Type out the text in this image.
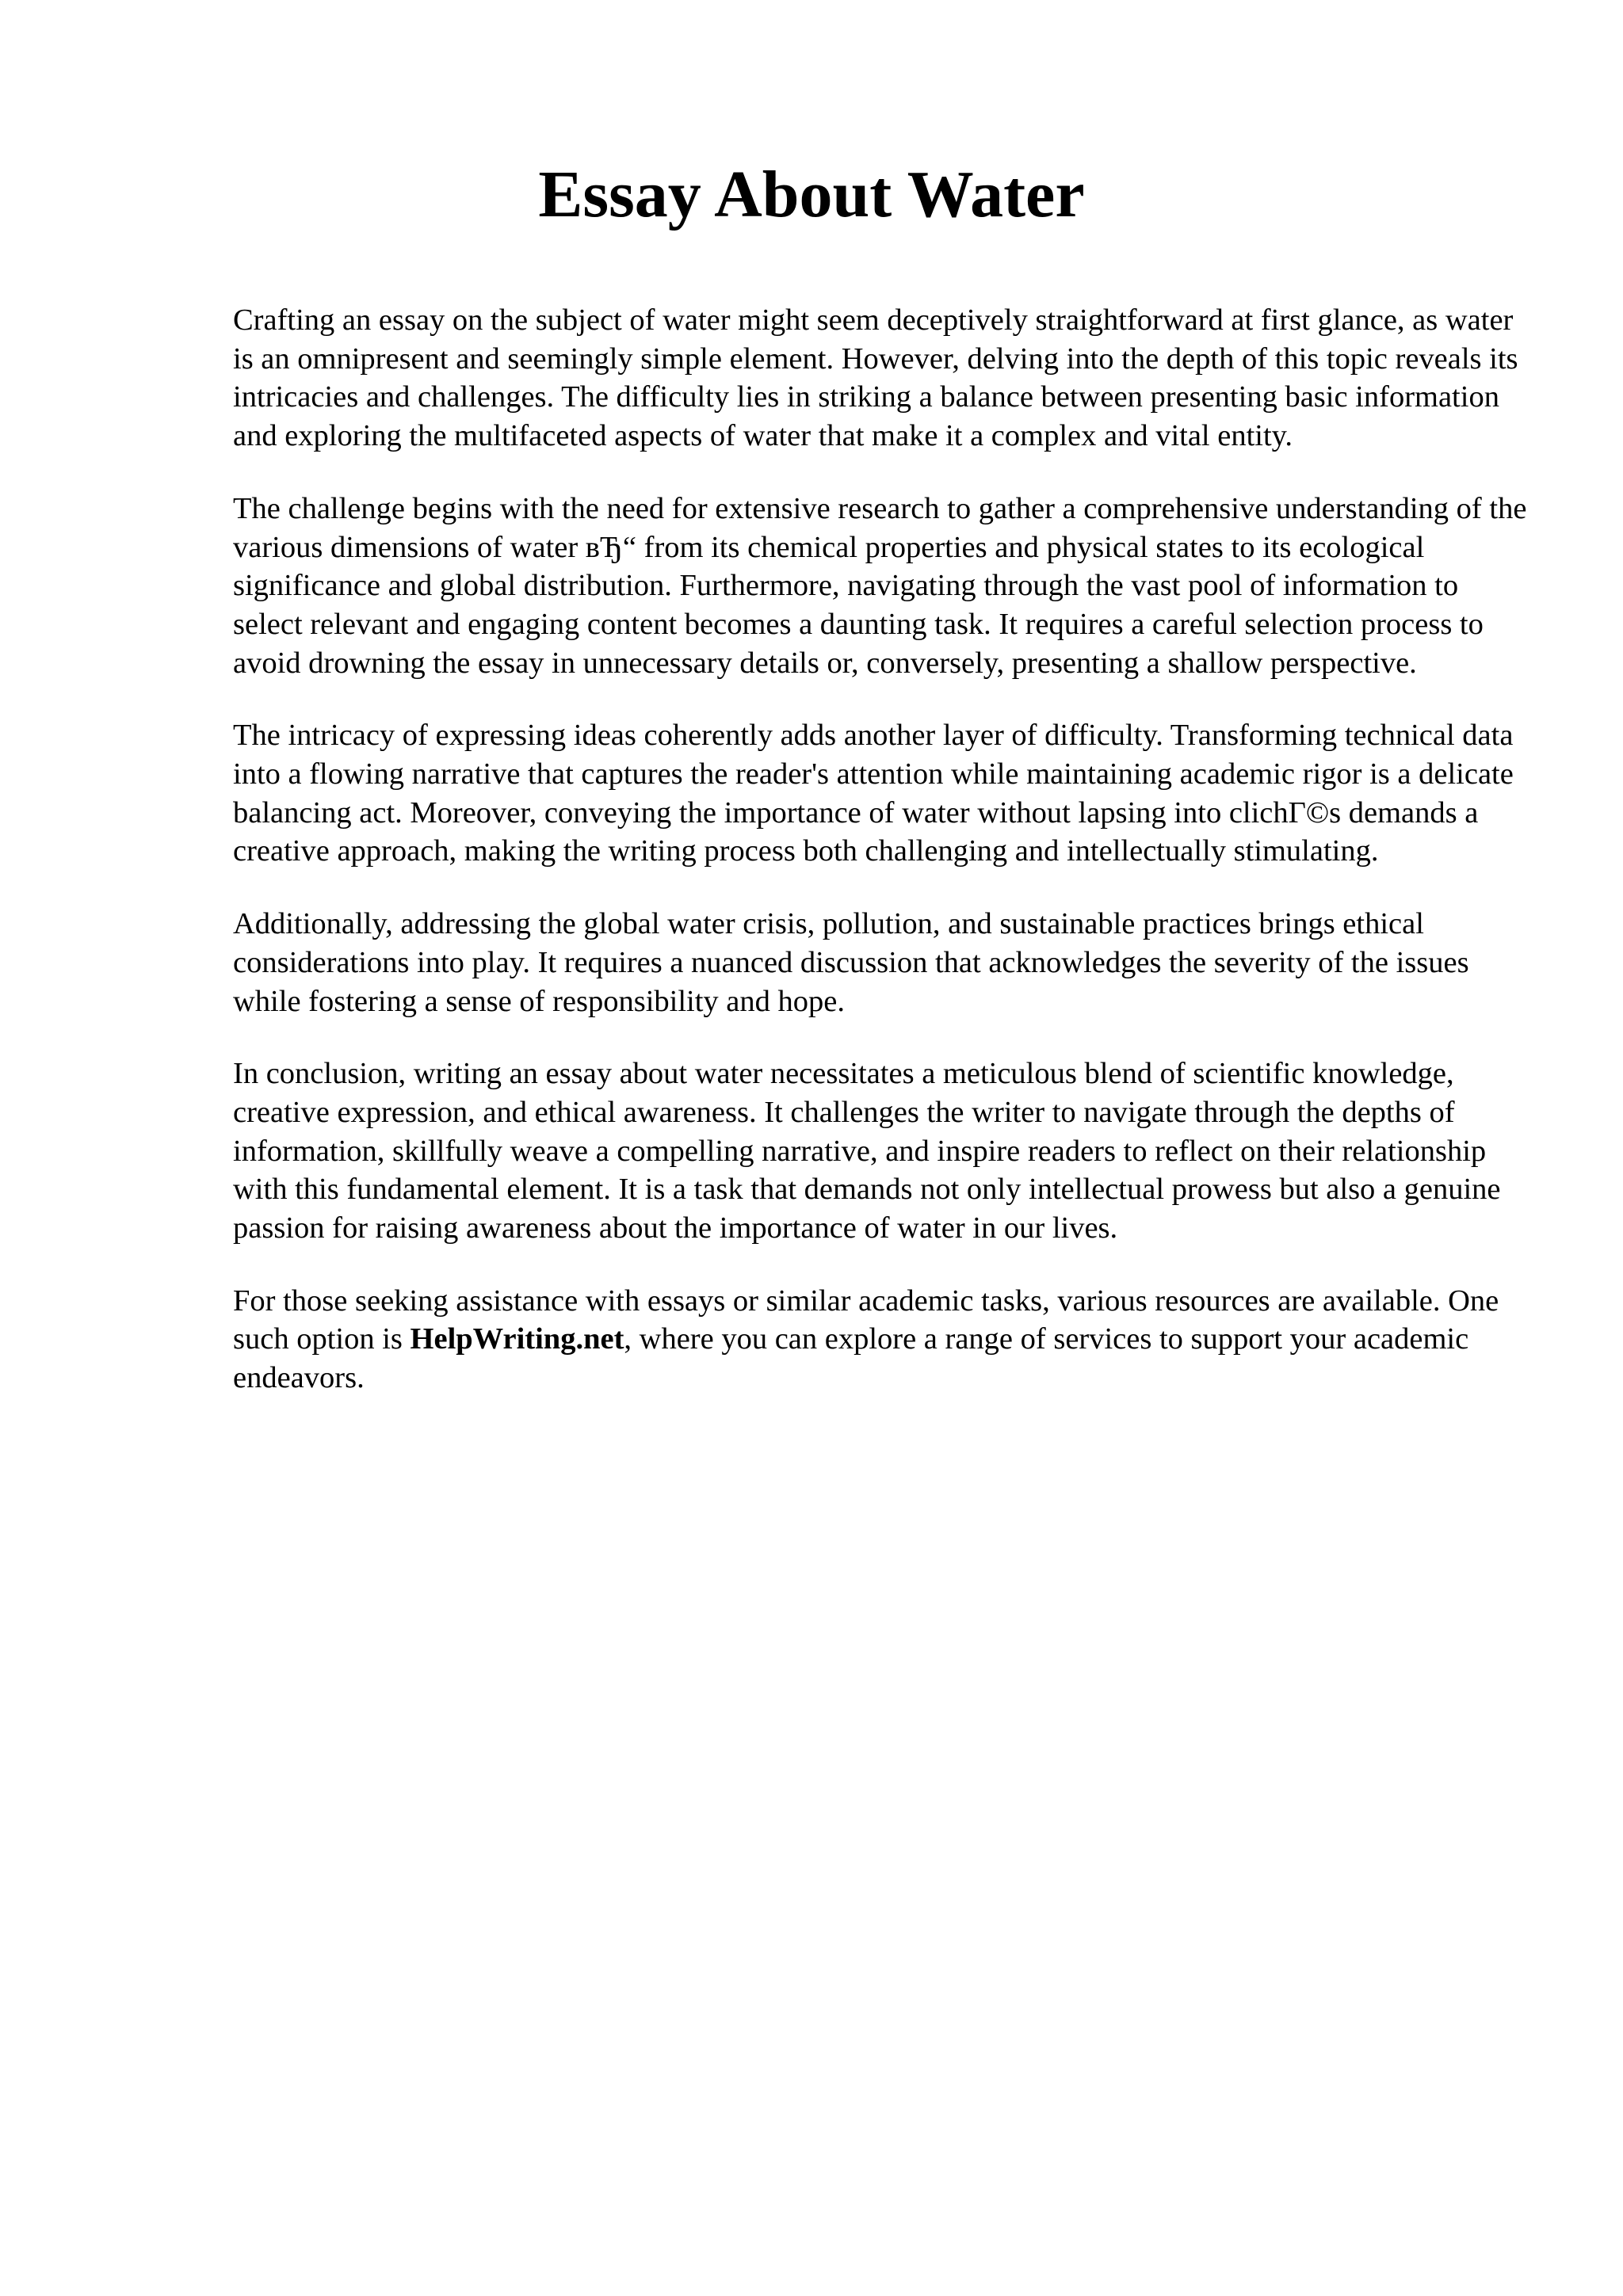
Essay About Water

Crafting an essay on the subject of water might seem deceptively straightforward at first glance, as water is an omnipresent and seemingly simple element. However, delving into the depth of this topic reveals its intricacies and challenges. The difficulty lies in striking a balance between presenting basic information and exploring the multifaceted aspects of water that make it a complex and vital entity.

The challenge begins with the need for extensive research to gather a comprehensive understanding of the various dimensions of water вЂ“ from its chemical properties and physical states to its ecological significance and global distribution. Furthermore, navigating through the vast pool of information to select relevant and engaging content becomes a daunting task. It requires a careful selection process to avoid drowning the essay in unnecessary details or, conversely, presenting a shallow perspective.

The intricacy of expressing ideas coherently adds another layer of difficulty. Transforming technical data into a flowing narrative that captures the reader's attention while maintaining academic rigor is a delicate balancing act. Moreover, conveying the importance of water without lapsing into clichГ©s demands a creative approach, making the writing process both challenging and intellectually stimulating.

Additionally, addressing the global water crisis, pollution, and sustainable practices brings ethical considerations into play. It requires a nuanced discussion that acknowledges the severity of the issues while fostering a sense of responsibility and hope.

In conclusion, writing an essay about water necessitates a meticulous blend of scientific knowledge, creative expression, and ethical awareness. It challenges the writer to navigate through the depths of information, skillfully weave a compelling narrative, and inspire readers to reflect on their relationship with this fundamental element. It is a task that demands not only intellectual prowess but also a genuine passion for raising awareness about the importance of water in our lives.

For those seeking assistance with essays or similar academic tasks, various resources are available. One such option is HelpWriting.net, where you can explore a range of services to support your academic endeavors.
